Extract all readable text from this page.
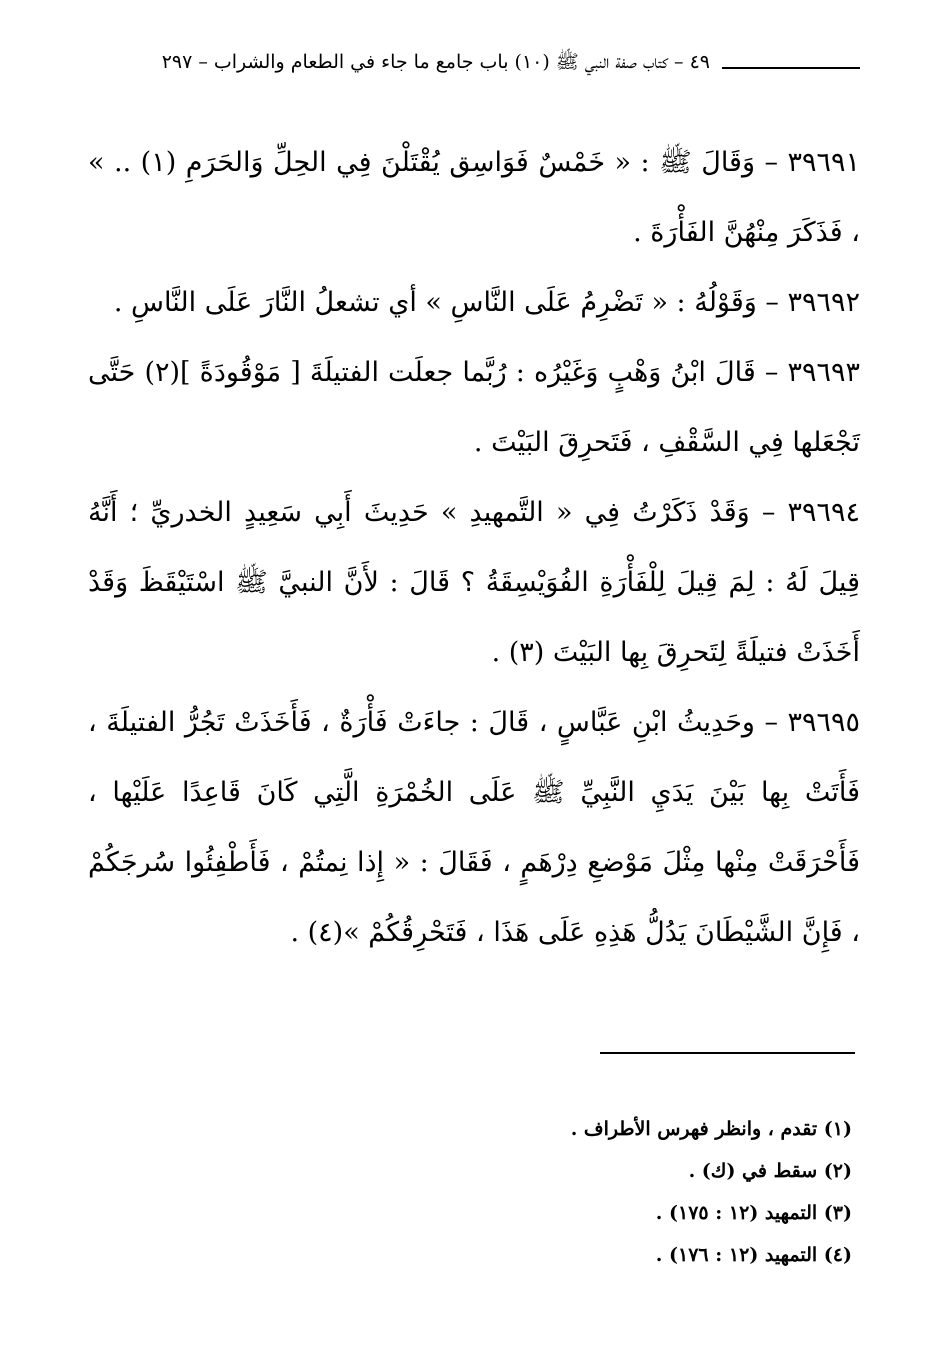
٤٩ – كتاب صفة النبي ﷺ (١٠) باب جامع ما جاء في الطعام والشراب – ٢٩٧

٣٩٦٩١ – وَقَالَ ﷺ : « خَمْسٌ فَوَاسِق يُقْتَلْنَ فِي الحِلِّ وَالحَرَمِ (١) .. » ، فَذَكَرَ مِنْهُنَّ الفَأْرَةَ .

٣٩٦٩٢ – وَقَوْلُهُ : « تَضْرِمُ عَلَى النَّاسِ » أي تشعلُ النَّارَ عَلَى النَّاسِ .

٣٩٦٩٣ – قَالَ ابْنُ وَهْبٍ وَغَيْرُه : رُبَّما جعلَت الفتيلَةَ [ مَوْقُودَةً ](٢) حَتَّى تَجْعَلها فِي السَّقْفِ ، فَتَحرِقَ البَيْتَ .

٣٩٦٩٤ – وَقَدْ ذَكَرْتُ فِي « التَّمهيدِ » حَدِيثَ أَبِي سَعِيدٍ الخدريِّ ؛ أَنَّهُ قِيلَ لَهُ : لِمَ قِيلَ لِلْفَأْرَةِ الفُوَيْسِقَةُ ؟ قَالَ : لأَنَّ النبيَّ ﷺ اسْتَيْقَظَ وَقَدْ أَخَذَتْ فتيلَةً لِتَحرِقَ بِها البَيْتَ (٣) .

٣٩٦٩٥ – وحَدِيثُ ابْنِ عَبَّاسٍ ، قَالَ : جاءَتْ فَأْرَةٌ ، فَأَخَذَتْ تَجُرُّ الفتيلَةَ ، فَأَتَتْ بِها بَيْنَ يَدَيِ النَّبِيِّ ﷺ عَلَى الخُمْرَةِ الَّتِي كَانَ قَاعِدًا عَلَيْها ، فَأَحْرَقَتْ مِنْها مِثْلَ مَوْضعِ دِرْهَمٍ ، فَقَالَ : « إِذا نِمتُمْ ، فَأَطْفِئُوا سُرجَكُمْ ، فَإِنَّ الشَّيْطَانَ يَدُلُّ هَذِهِ عَلَى هَذَا ، فَتَحْرِقُكُمْ »(٤) .

(١) تقدم ، وانظر فهرس الأطراف .
(٢) سقط في (ك) .
(٣) التمهيد (١٢ : ١٧٥) .
(٤) التمهيد (١٢ : ١٧٦) .
